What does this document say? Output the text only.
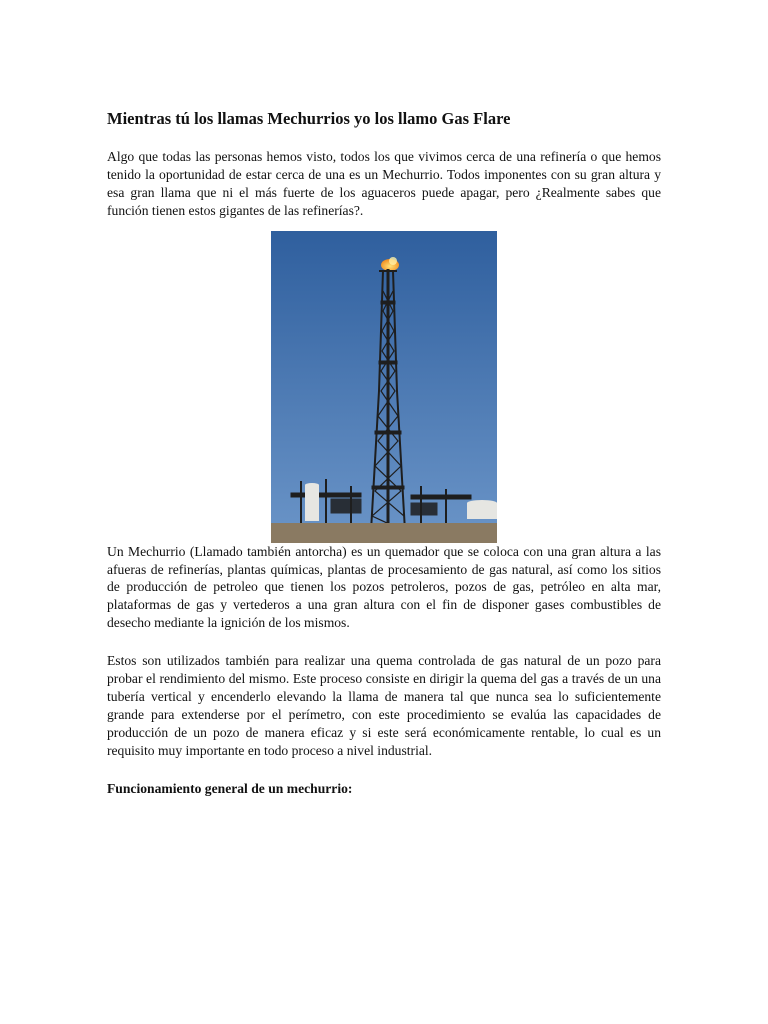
Mientras tú los llamas Mechurrios yo los llamo Gas Flare

Algo que todas las personas hemos visto, todos los que vivimos cerca de una refinería o que hemos tenido la oportunidad de estar cerca de una es un Mechurrio. Todos imponentes con su gran altura y esa gran llama que ni el más fuerte de los aguaceros puede apagar, pero ¿Realmente sabes que función tienen estos gigantes de las refinerías?.

Un Mechurrio (Llamado también antorcha) es un quemador que se coloca con una gran altura a las afueras de refinerías, plantas químicas, plantas de procesamiento de gas natural, así como los sitios de producción de petroleo que tienen los pozos petroleros, pozos de gas, petróleo en alta mar, plataformas de gas y vertederos a una gran altura con el fin de disponer gases combustibles de desecho mediante la ignición de los mismos.

Estos son utilizados también para realizar una quema controlada de gas natural de un pozo para probar el rendimiento del mismo. Este proceso consiste en dirigir la quema del gas a través de un una tubería vertical y encenderlo elevando la llama de manera tal que nunca sea lo suficientemente grande para extenderse por el perímetro, con este procedimiento se evalúa las capacidades de producción de un pozo de manera eficaz y si este será económicamente rentable, lo cual es un requisito muy importante en todo proceso a nivel industrial.

Funcionamiento general de un mechurrio:
